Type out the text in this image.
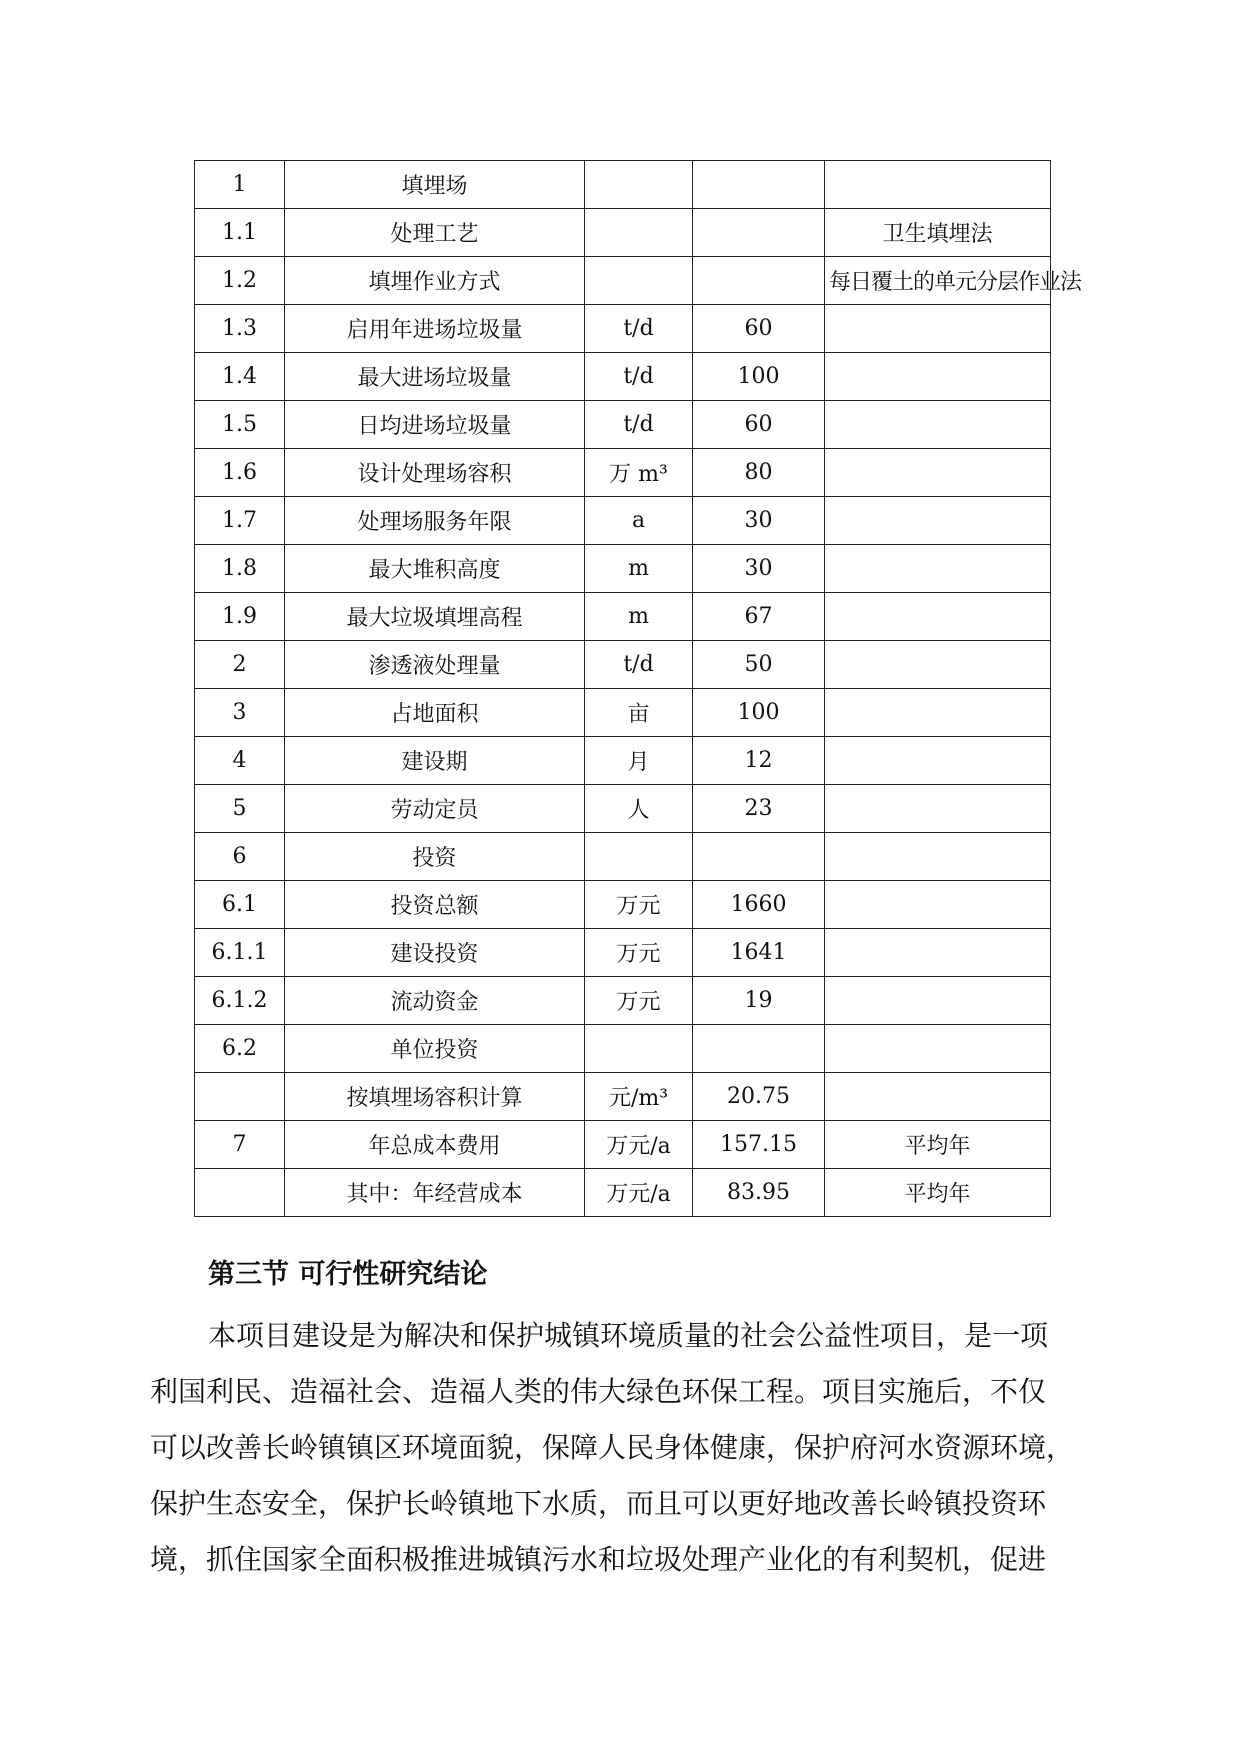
1	填埋场			
1.1	处理工艺			卫生填埋法
1.2	填埋作业方式			每日覆土的单元分层作业法
1.3	启用年进场垃圾量	t/d	60	
1.4	最大进场垃圾量	t/d	100	
1.5	日均进场垃圾量	t/d	60	
1.6	设计处理场容积	万 m³	80	
1.7	处理场服务年限	a	30	
1.8	最大堆积高度	m	30	
1.9	最大垃圾填埋高程	m	67	
2	渗透液处理量	t/d	50	
3	占地面积	亩	100	
4	建设期	月	12	
5	劳动定员	人	23	
6	投资			
6.1	投资总额	万元	1660	
6.1.1	建设投资	万元	1641	
6.1.2	流动资金	万元	19	
6.2	单位投资			
	按填埋场容积计算	元/m³	20.75	
7	年总成本费用	万元/a	157.15	平均年
	其中：年经营成本	万元/a	83.95	平均年
第三节 可行性研究结论
本项目建设是为解决和保护城镇环境质量的社会公益性项目，是一项
利国利民、造福社会、造福人类的伟大绿色环保工程。项目实施后，不仅
可以改善长岭镇镇区环境面貌，保障人民身体健康，保护府河水资源环境，
保护生态安全，保护长岭镇地下水质，而且可以更好地改善长岭镇投资环
境，抓住国家全面积极推进城镇污水和垃圾处理产业化的有利契机，促进
